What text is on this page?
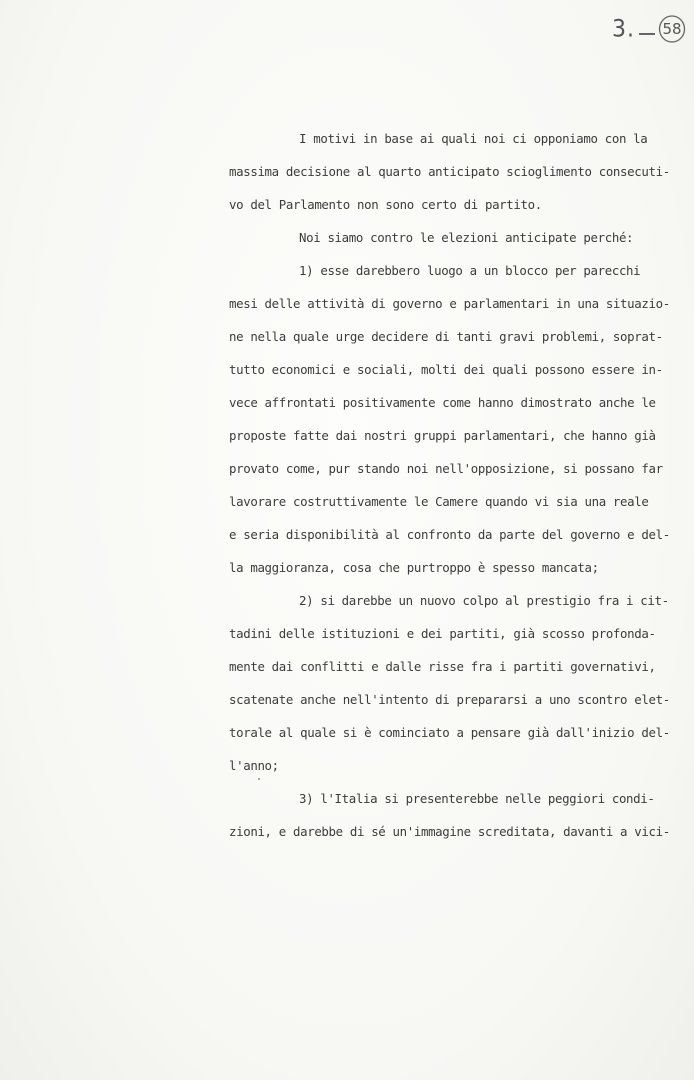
3. 58
I motivi in base ai quali noi ci opponiamo con la
massima decisione al quarto anticipato scioglimento consecuti-
vo del Parlamento non sono certo di partito.
Noi siamo contro le elezioni anticipate perché:
1) esse darebbero luogo a un blocco per parecchi
mesi delle attività di governo e parlamentari in una situazio-
ne nella quale urge decidere di tanti gravi problemi, soprat-
tutto economici e sociali, molti dei quali possono essere in-
vece affrontati positivamente come hanno dimostrato anche le
proposte fatte dai nostri gruppi parlamentari, che hanno già
provato come, pur stando noi nell'opposizione, si possano far
lavorare costruttivamente le Camere quando vi sia una reale
e seria disponibilità al confronto da parte del governo e del-
la maggioranza, cosa che purtroppo è spesso mancata;
2) si darebbe un nuovo colpo al prestigio fra i cit-
tadini delle istituzioni e dei partiti, già scosso profonda-
mente dai conflitti e dalle risse fra i partiti governativi,
scatenate anche nell'intento di prepararsi a uno scontro elet-
torale al quale si è cominciato a pensare già dall'inizio del-
l'anno;
3) l'Italia si presenterebbe nelle peggiori condi-
zioni, e darebbe di sé un'immagine screditata, davanti a vici-
